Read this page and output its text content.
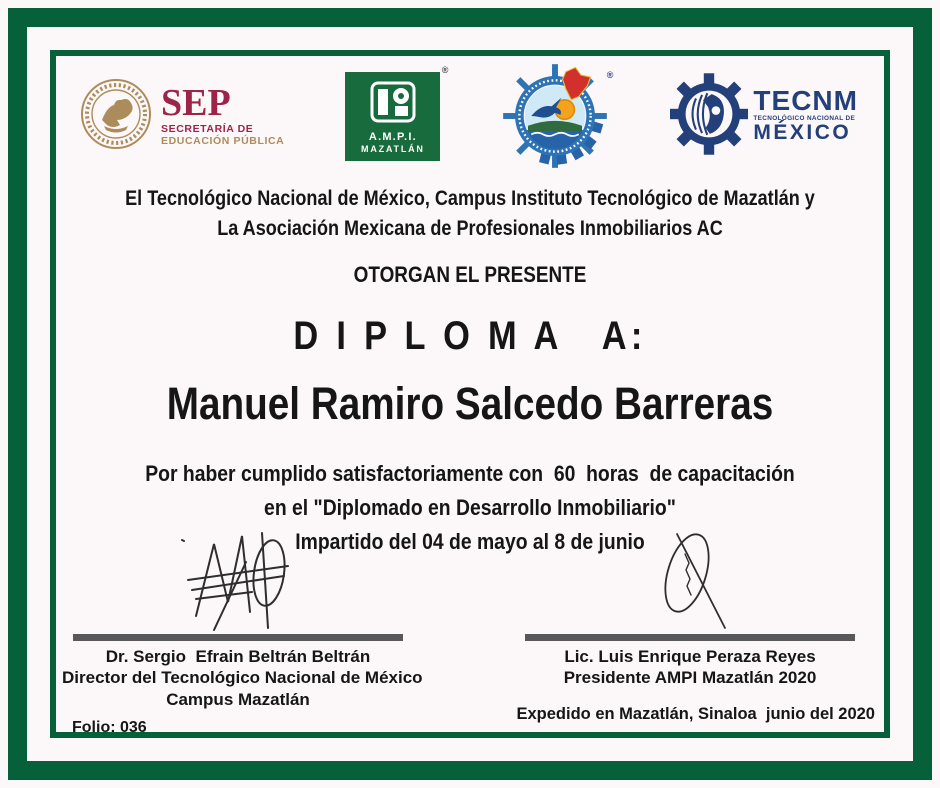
SEP
SECRETARÍA DE
EDUCACIÓN PÚBLICA
®
A.M.P.I.
MAZATLÁN
®
TECNM
TECNOLÓGICO NACIONAL DE
MÉXICO
El Tecnológico Nacional de México, Campus Instituto Tecnológico de Mazatlán y
La Asociación Mexicana de Profesionales Inmobiliarios AC
OTORGAN EL PRESENTE
D I P L O M A   A:
Manuel Ramiro Salcedo Barreras
Por haber cumplido satisfactoriamente con  60  horas  de capacitación
en el "Diplomado en Desarrollo Inmobiliario"
Impartido del 04 de mayo al 8 de junio
Dr. Sergio  Efrain Beltrán Beltrán
Director del Tecnológico Nacional de México
Campus Mazatlán
Lic. Luis Enrique Peraza Reyes
Presidente AMPI Mazatlán 2020
Folio: 036
Expedido en Mazatlán, Sinaloa  junio del 2020
